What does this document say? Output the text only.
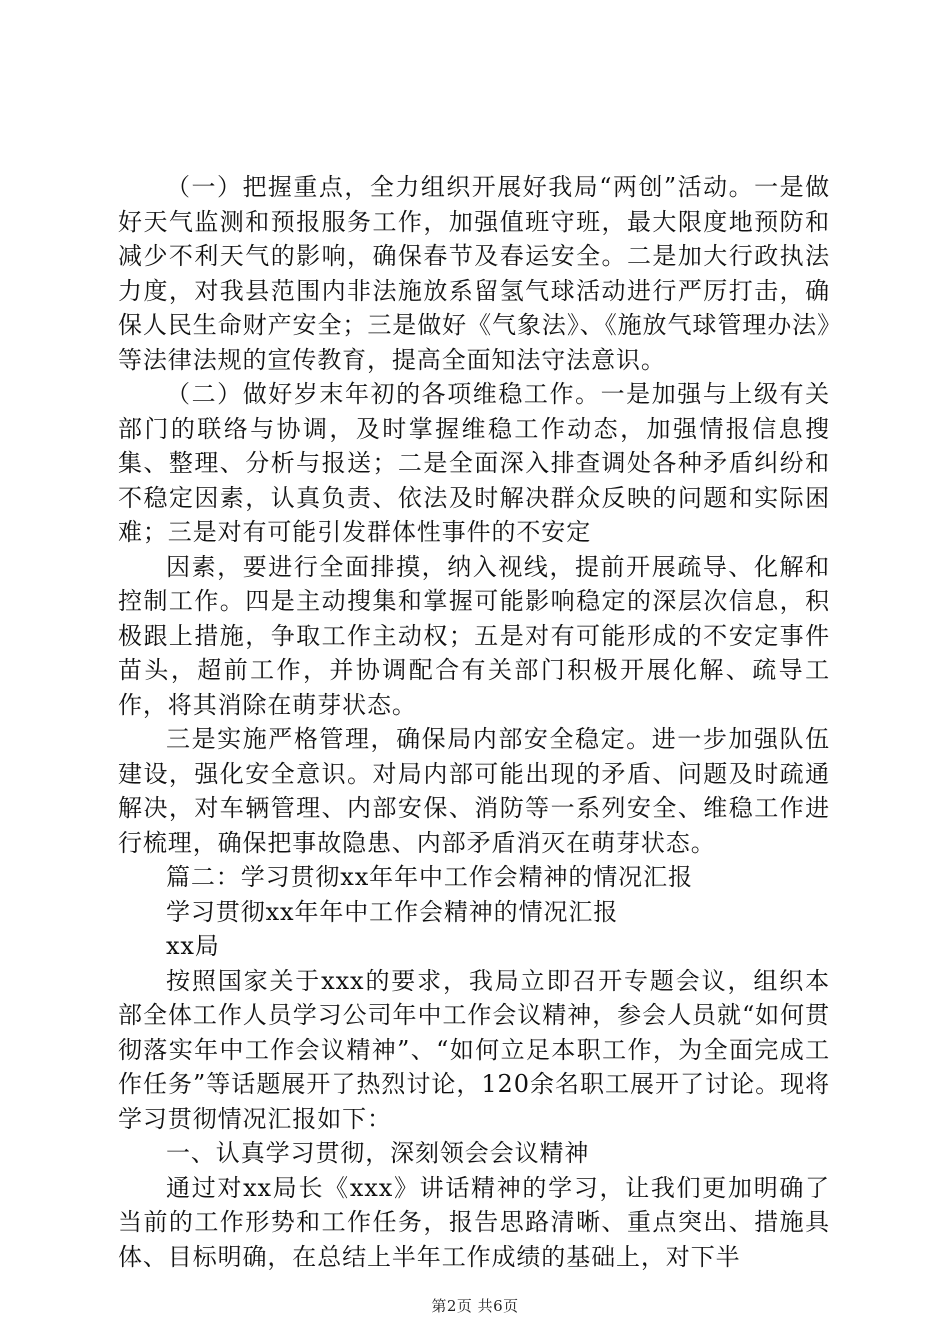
（一）把握重点，全力组织开展好我局“两创”活动。一是做好天气监测和预报服务工作，加强值班守班，最大限度地预防和减少不利天气的影响，确保春节及春运安全。二是加大行政执法力度，对我县范围内非法施放系留氢气球活动进行严厉打击，确保人民生命财产安全；三是做好《气象法》、《施放气球管理办法》等法律法规的宣传教育，提高全面知法守法意识。

（二）做好岁末年初的各项维稳工作。一是加强与上级有关部门的联络与协调，及时掌握维稳工作动态，加强情报信息搜集、整理、分析与报送；二是全面深入排查调处各种矛盾纠纷和不稳定因素，认真负责、依法及时解决群众反映的问题和实际困难；三是对有可能引发群体性事件的不安定

因素，要进行全面排摸，纳入视线，提前开展疏导、化解和控制工作。四是主动搜集和掌握可能影响稳定的深层次信息，积极跟上措施，争取工作主动权；五是对有可能形成的不安定事件苗头，超前工作，并协调配合有关部门积极开展化解、疏导工作，将其消除在萌芽状态。

三是实施严格管理，确保局内部安全稳定。进一步加强队伍建设，强化安全意识。对局内部可能出现的矛盾、问题及时疏通解决，对车辆管理、内部安保、消防等一系列安全、维稳工作进行梳理，确保把事故隐患、内部矛盾消灭在萌芽状态。

篇二：学习贯彻xx年年中工作会精神的情况汇报

学习贯彻xx年年中工作会精神的情况汇报

xx局

按照国家关于xxx的要求，我局立即召开专题会议，组织本部全体工作人员学习公司年中工作会议精神，参会人员就“如何贯彻落实年中工作会议精神”、“如何立足本职工作，为全面完成工作任务”等话题展开了热烈讨论，120余名职工展开了讨论。现将学习贯彻情况汇报如下：

一、认真学习贯彻，深刻领会会议精神

通过对xx局长《xxx》讲话精神的学习，让我们更加明确了当前的工作形势和工作任务，报告思路清晰、重点突出、措施具体、目标明确，在总结上半年工作成绩的基础上，对下半

第2页 共6页
